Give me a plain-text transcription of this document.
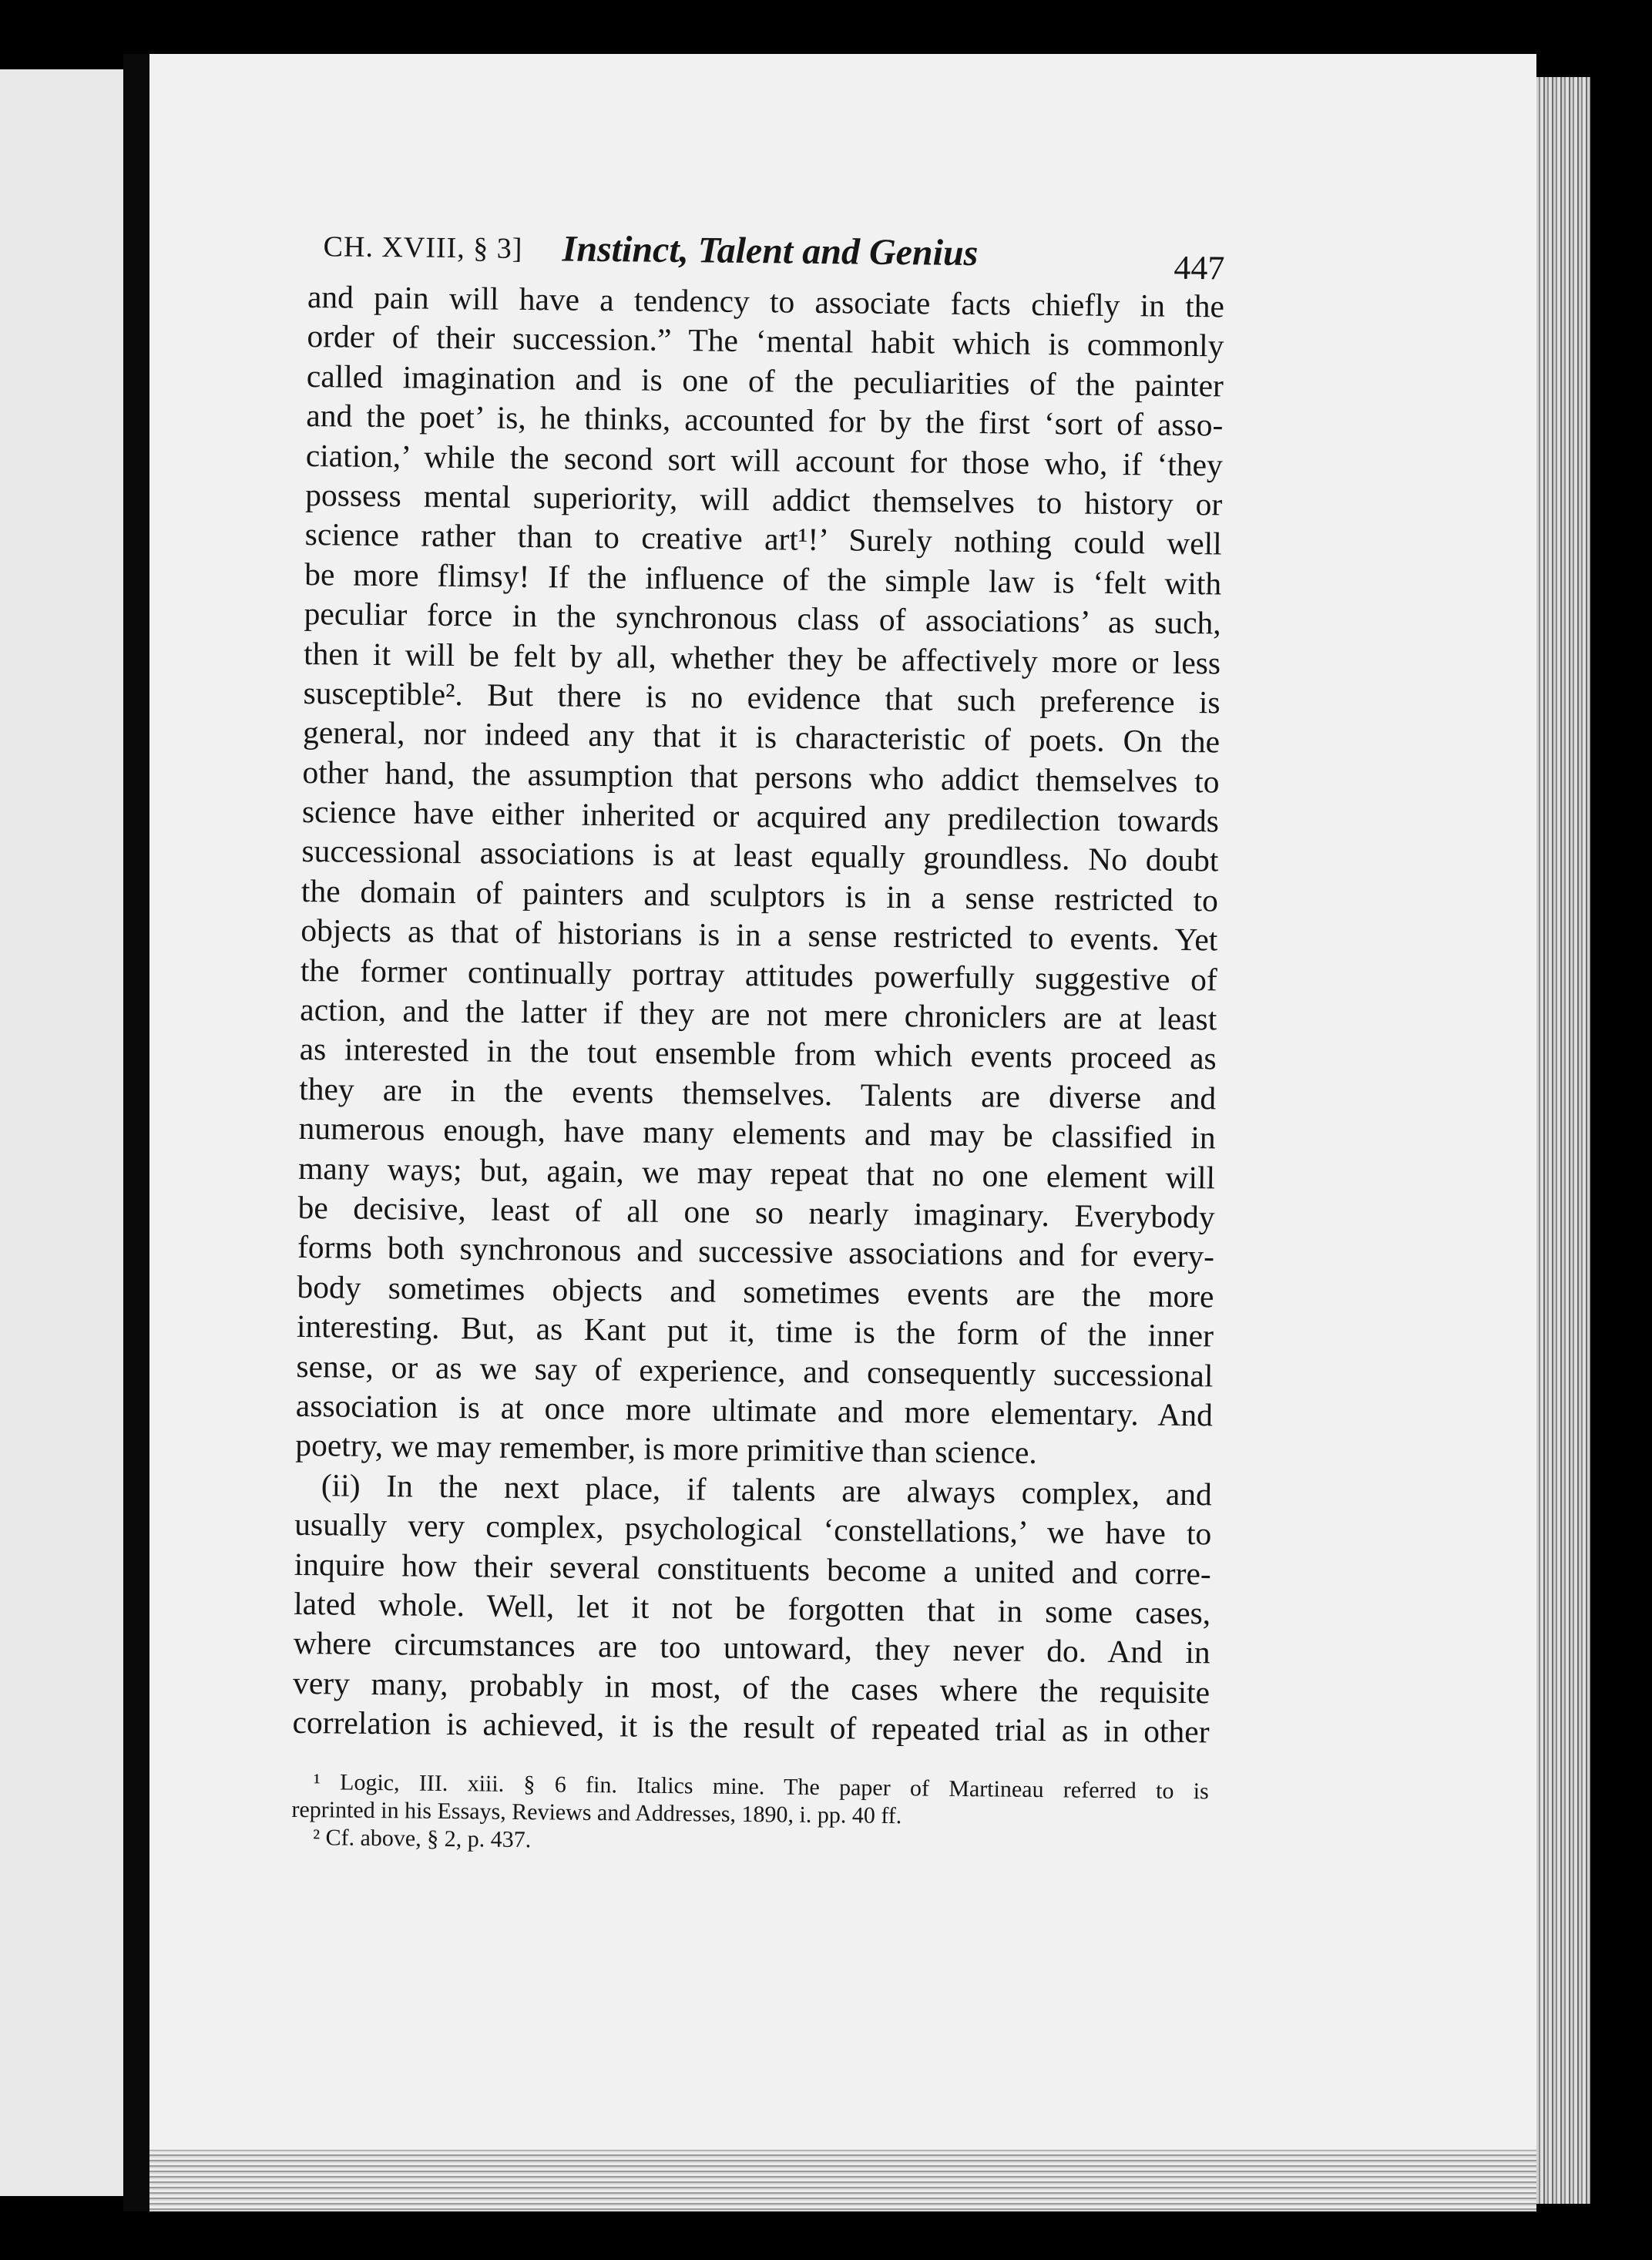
CH. XVIII, § 3] Instinct, Talent and Genius	447
and pain will have a tendency to associate facts chiefly in the
order of their succession.” The ‘mental habit which is commonly
called imagination and is one of the peculiarities of the painter
and the poet’ is, he thinks, accounted for by the first ‘sort of asso-
ciation,’ while the second sort will account for those who, if ‘they
possess mental superiority, will addict themselves to history or
science rather than to creative art¹!’ Surely nothing could well
be more flimsy! If the influence of the simple law is ‘felt with
peculiar force in the synchronous class of associations’ as such,
then it will be felt by all, whether they be affectively more or less
susceptible². But there is no evidence that such preference is
general, nor indeed any that it is characteristic of poets. On the
other hand, the assumption that persons who addict themselves to
science have either inherited or acquired any predilection towards
successional associations is at least equally groundless. No doubt
the domain of painters and sculptors is in a sense restricted to
objects as that of historians is in a sense restricted to events. Yet
the former continually portray attitudes powerfully suggestive of
action, and the latter if they are not mere chroniclers are at least
as interested in the tout ensemble from which events proceed as
they are in the events themselves. Talents are diverse and
numerous enough, have many elements and may be classified in
many ways; but, again, we may repeat that no one element will
be decisive, least of all one so nearly imaginary. Everybody
forms both synchronous and successive associations and for every-
body sometimes objects and sometimes events are the more
interesting. But, as Kant put it, time is the form of the inner
sense, or as we say of experience, and consequently successional
association is at once more ultimate and more elementary. And
poetry, we may remember, is more primitive than science.
(ii) In the next place, if talents are always complex, and
usually very complex, psychological ‘constellations,’ we have to
inquire how their several constituents become a united and corre-
lated whole. Well, let it not be forgotten that in some cases,
where circumstances are too untoward, they never do. And in
very many, probably in most, of the cases where the requisite
correlation is achieved, it is the result of repeated trial as in other
¹ Logic, III. xiii. § 6 fin. Italics mine. The paper of Martineau referred to is
reprinted in his Essays, Reviews and Addresses, 1890, i. pp. 40 ff.
² Cf. above, § 2, p. 437.
